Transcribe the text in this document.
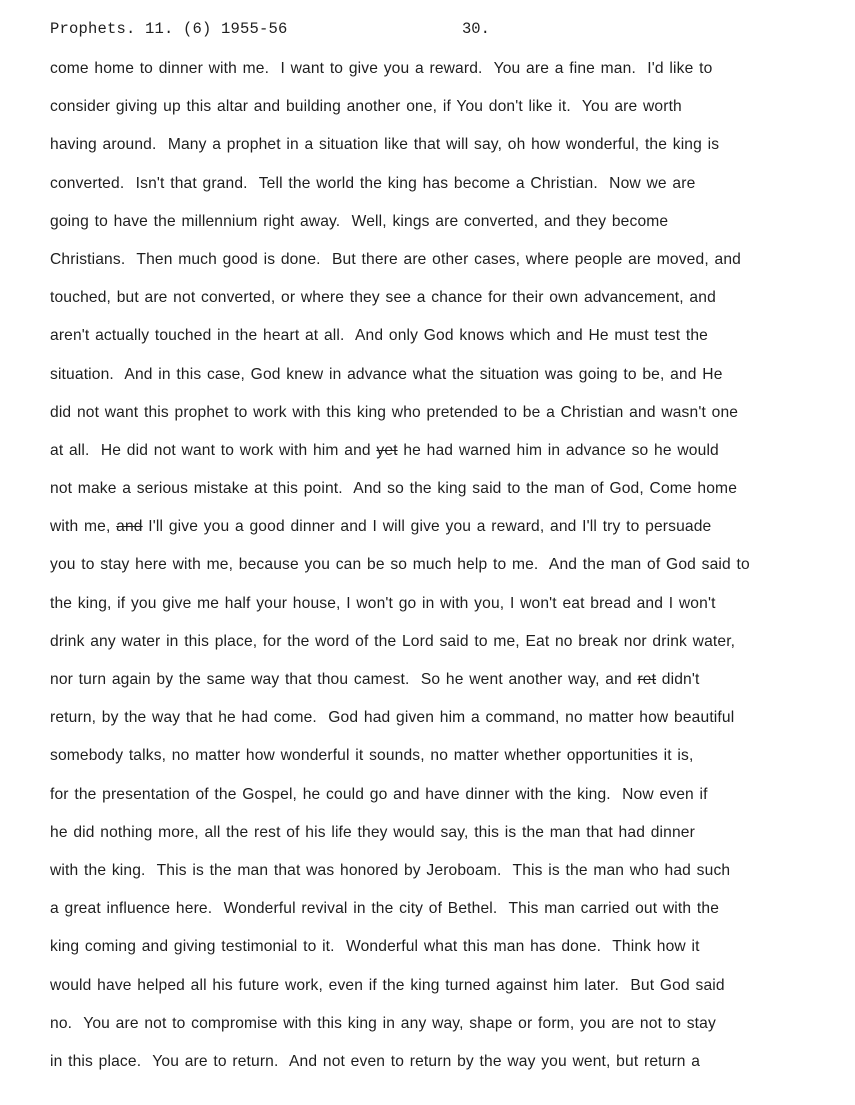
Prophets. 11. (6) 1955-56	30.
come home to dinner with me.  I want to give you a reward.  You are a fine man.  I'd like to
consider giving up this altar and building another one, if You don't like it.  You are worth
having around.  Many a prophet in a situation like that will say, oh how wonderful, the king is
converted.  Isn't that grand.  Tell the world the king has become a Christian.  Now we are
going to have the millennium right away.  Well, kings are converted, and they become
Christians.  Then much good is done.  But there are other cases, where people are moved, and
touched, but are not converted, or where they see a chance for their own advancement, and
aren't actually touched in the heart at all.  And only God knows which and He must test the
situation.  And in this case, God knew in advance what the situation was going to be, and He
did not want this prophet to work with this king who pretended to be a Christian and wasn't one
at all.  He did not want to work with him and yet he had warned him in advance so he would
not make a serious mistake at this point.  And so the king said to the man of God, Come home
with me, and I'll give you a good dinner and I will give you a reward, and I'll try to persuade
you to stay here with me, because you can be so much help to me.  And the man of God said to
the king, if you give me half your house, I won't go in with you, I won't eat bread and I won't
drink any water in this place, for the word of the Lord said to me, Eat no break nor drink water,
nor turn again by the same way that thou camest.  So he went another way, and ret didn't
return, by the way that he had come.  God had given him a command, no matter how beautiful
somebody talks, no matter how wonderful it sounds, no matter whether opportunities it is,
for the presentation of the Gospel, he could go and have dinner with the king.  Now even if
he did nothing more, all the rest of his life they would say, this is the man that had dinner
with the king.  This is the man that was honored by Jeroboam.  This is the man who had such
a great influence here.  Wonderful revival in the city of Bethel.  This man carried out with the
king coming and giving testimonial to it.  Wonderful what this man has done.  Think how it
would have helped all his future work, even if the king turned against him later.  But God said
no.  You are not to compromise with this king in any way, shape or form, you are not to stay
in this place.  You are to return.  And not even to return by the way you went, but return a
